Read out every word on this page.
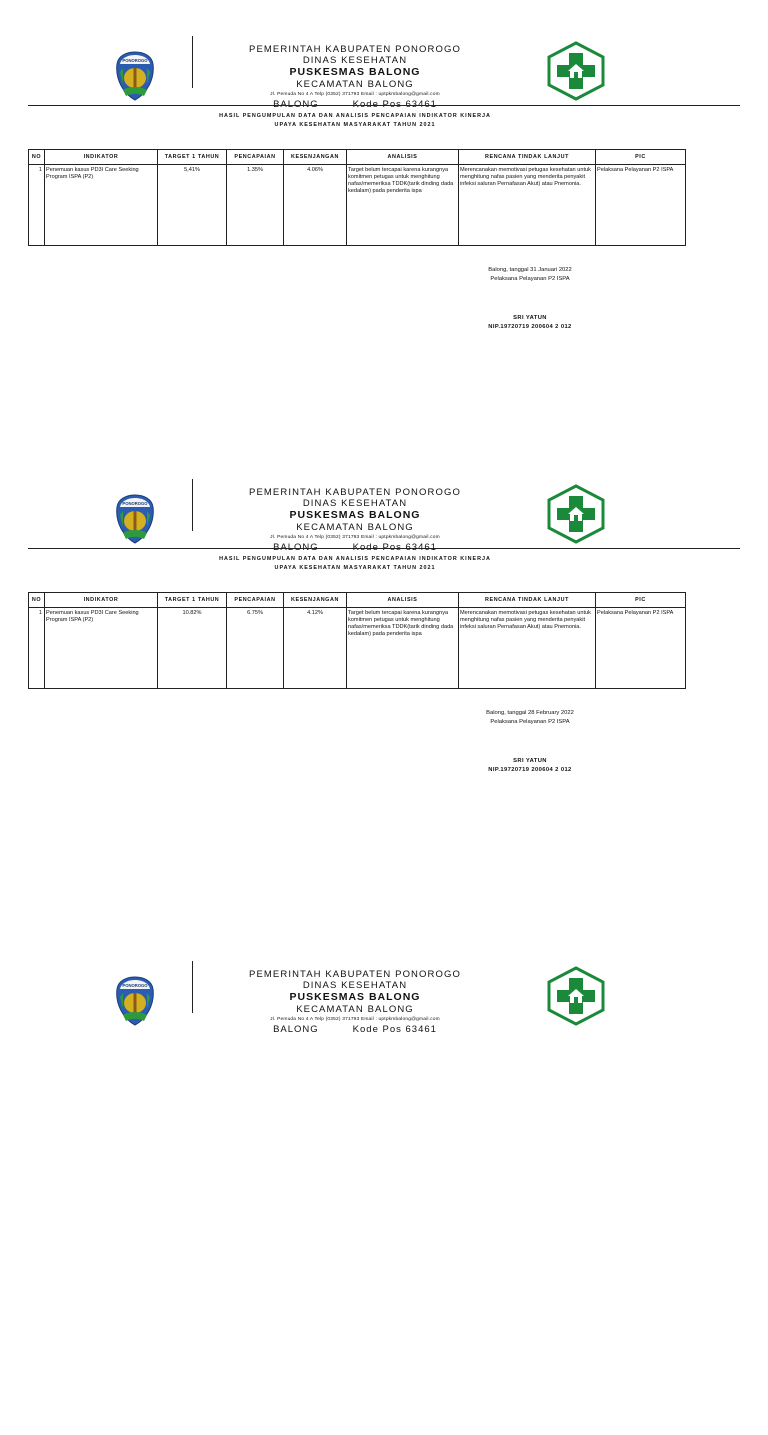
PONOROGO
PEMERINTAH KABUPATEN PONOROGO
DINAS KESEHATAN
PUSKESMAS BALONG
KECAMATAN BALONG
Jl. Pemuda No 4 A Telp (0352) 371793 Email : uptpkmbalong@gmail.com
HASIL PENGUMPULAN DATA DAN ANALISIS PENCAPAIAN INDIKATOR KINERJA
UPAYA KESEHATAN MASYARAKAT TAHUN 2021
NO	INDIKATOR	TARGET 1 TAHUN	PENCAPAIAN	KESENJANGAN	ANALISIS	RENCANA TINDAK LANJUT	PIC
1	Penemuan kasus PD3I Care Seeking Program ISPA (P2)	5,41%	1.35%	4.06%	Target belum tercapai karena kurangnya komitmen petugas untuk menghitung nafas/memeriksa TDDK(tarik dinding dada kedalam) pada penderita ispa	Merencanakan memotivasi petugas kesehatan untuk menghitung nafas pasien yang menderita penyakit infeksi saluran Pernafasan Akut) atau Pnemonia.	Pelaksana Pelayanan P2 ISPA
Balong, tanggal 31 Januari 2022
Pelaksana Pelayanan P2 ISPA
SRI YATUN
NIP.19720719 200604 2 012
PONOROGO
PEMERINTAH KABUPATEN PONOROGO
DINAS KESEHATAN
PUSKESMAS BALONG
KECAMATAN BALONG
Jl. Pemuda No 4 A Telp (0352) 371793 Email : uptpkmbalong@gmail.com
HASIL PENGUMPULAN DATA DAN ANALISIS PENCAPAIAN INDIKATOR KINERJA
UPAYA KESEHATAN MASYARAKAT TAHUN 2021
NO	INDIKATOR	TARGET 1 TAHUN	PENCAPAIAN	KESENJANGAN	ANALISIS	RENCANA TINDAK LANJUT	PIC
1	Penemuan kasus PD3I Care Seeking Program ISPA (P2)	10.82%	6.75%	4.12%	Target belum tercapai karena kurangnya komitmen petugas untuk menghitung nafas/memeriksa TDDK(tarik dinding dada kedalam) pada penderita ispa	Merencanakan memotivasi petugas kesehatan untuk menghitung nafas pasien yang menderita penyakit infeksi saluran Pernafasan Akut) atau Pnemonia.	Pelaksana Pelayanan P2 ISPA
Balong, tanggal 28 February 2022
Pelaksana Pelayanan P2 ISPA
SRI YATUN
NIP.19720719 200604 2 012
PONOROGO
PEMERINTAH KABUPATEN PONOROGO
DINAS KESEHATAN
PUSKESMAS BALONG
KECAMATAN BALONG
Jl. Pemuda No 4 A Telp (0352) 371793 Email : uptpkmbalong@gmail.com
BALONG	Kode Pos 63461
